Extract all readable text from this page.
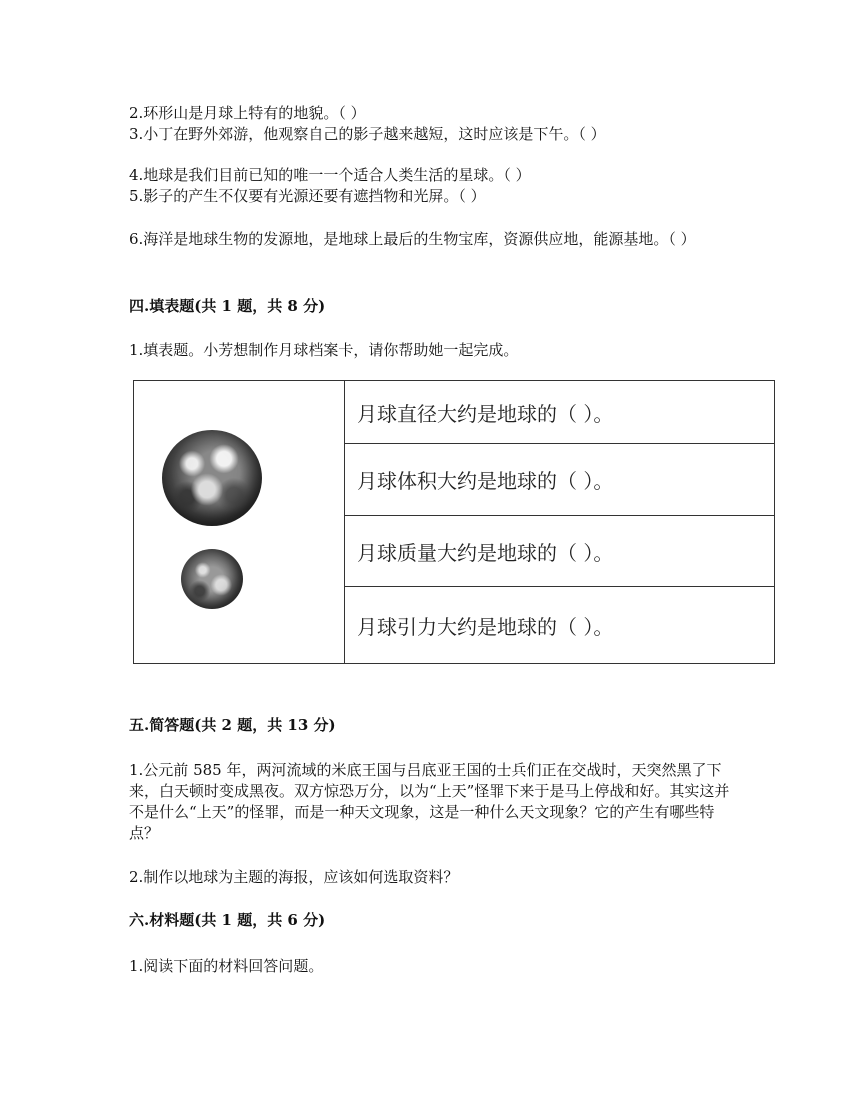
2.环形山是月球上特有的地貌。（ ）
3.小丁在野外郊游，他观察自己的影子越来越短，这时应该是下午。（ ）
4.地球是我们目前已知的唯一一个适合人类生活的星球。（ ）
5.影子的产生不仅要有光源还要有遮挡物和光屏。（ ）
6.海洋是地球生物的发源地，是地球上最后的生物宝库，资源供应地，能源基地。（ ）
四.填表题(共 1 题，共 8 分)
1.填表题。小芳想制作月球档案卡，请你帮助她一起完成。
月球直径大约是地球的（ ）。
月球体积大约是地球的（ ）。
月球质量大约是地球的（ ）。
月球引力大约是地球的（ ）。
五.简答题(共 2 题，共 13 分)
1.公元前 585 年，两河流域的米底王国与吕底亚王国的士兵们正在交战时，天突然黑了下来，白天顿时变成黑夜。双方惊恐万分，以为“上天”怪罪下来于是马上停战和好。其实这并不是什么“上天”的怪罪，而是一种天文现象，这是一种什么天文现象？它的产生有哪些特点？
2.制作以地球为主题的海报，应该如何选取资料？
六.材料题(共 1 题，共 6 分)
1.阅读下面的材料回答问题。
